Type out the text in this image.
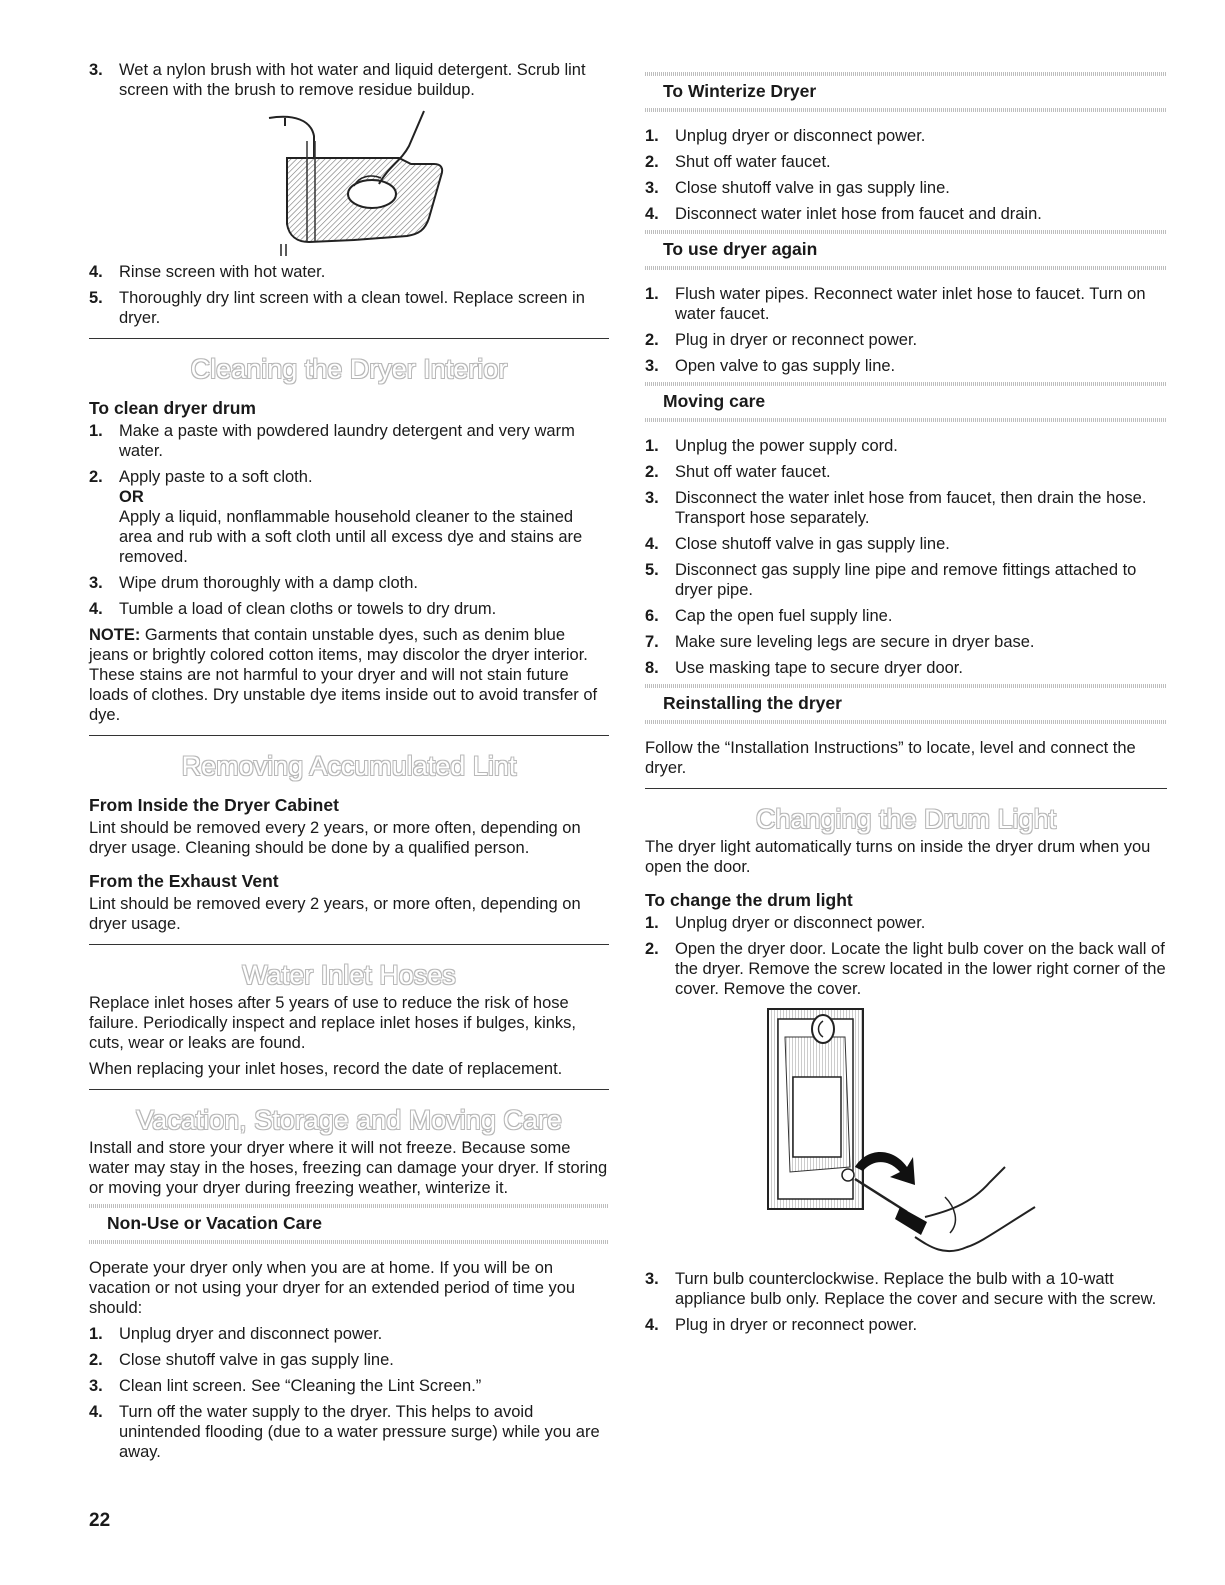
3. Wet a nylon brush with hot water and liquid detergent. Scrub lint screen with the brush to remove residue buildup.
4. Rinse screen with hot water.
5. Thoroughly dry lint screen with a clean towel. Replace screen in dryer.
Cleaning the Dryer Interior
To clean dryer drum
1. Make a paste with powdered laundry detergent and very warm water.
2. Apply paste to a soft cloth.
OR
Apply a liquid, nonflammable household cleaner to the stained area and rub with a soft cloth until all excess dye and stains are removed.
3. Wipe drum thoroughly with a damp cloth.
4. Tumble a load of clean cloths or towels to dry drum.

NOTE: Garments that contain unstable dyes, such as denim blue jeans or brightly colored cotton items, may discolor the dryer interior. These stains are not harmful to your dryer and will not stain future loads of clothes. Dry unstable dye items inside out to avoid transfer of dye.

Removing Accumulated Lint
From Inside the Dryer Cabinet

Lint should be removed every 2 years, or more often, depending on dryer usage. Cleaning should be done by a qualified person.

From the Exhaust Vent

Lint should be removed every 2 years, or more often, depending on dryer usage.

Water Inlet Hoses

Replace inlet hoses after 5 years of use to reduce the risk of hose failure. Periodically inspect and replace inlet hoses if bulges, kinks, cuts, wear or leaks are found.

When replacing your inlet hoses, record the date of replacement.

Vacation, Storage and Moving Care

Install and store your dryer where it will not freeze. Because some water may stay in the hoses, freezing can damage your dryer. If storing or moving your dryer during freezing weather, winterize it.

Non-Use or Vacation Care

Operate your dryer only when you are at home. If you will be on vacation or not using your dryer for an extended period of time you should:

1. Unplug dryer and disconnect power.
2. Close shutoff valve in gas supply line.
3. Clean lint screen. See “Cleaning the Lint Screen.”
4. Turn off the water supply to the dryer. This helps to avoid unintended flooding (due to a water pressure surge) while you are away.
To Winterize Dryer
1. Unplug dryer or disconnect power.
2. Shut off water faucet.
3. Close shutoff valve in gas supply line.
4. Disconnect water inlet hose from faucet and drain.
To use dryer again
1. Flush water pipes. Reconnect water inlet hose to faucet. Turn on water faucet.
2. Plug in dryer or reconnect power.
3. Open valve to gas supply line.
Moving care
1. Unplug the power supply cord.
2. Shut off water faucet.
3. Disconnect the water inlet hose from faucet, then drain the hose. Transport hose separately.
4. Close shutoff valve in gas supply line.
5. Disconnect gas supply line pipe and remove fittings attached to dryer pipe.
6. Cap the open fuel supply line.
7. Make sure leveling legs are secure in dryer base.
8. Use masking tape to secure dryer door.
Reinstalling the dryer

Follow the “Installation Instructions” to locate, level and connect the dryer.

Changing the Drum Light

The dryer light automatically turns on inside the dryer drum when you open the door.

To change the drum light
1. Unplug dryer or disconnect power.
2. Open the dryer door. Locate the light bulb cover on the back wall of the dryer. Remove the screw located in the lower right corner of the cover. Remove the cover.
3. Turn bulb counterclockwise. Replace the bulb with a 10-watt appliance bulb only. Replace the cover and secure with the screw.
4. Plug in dryer or reconnect power.
22
